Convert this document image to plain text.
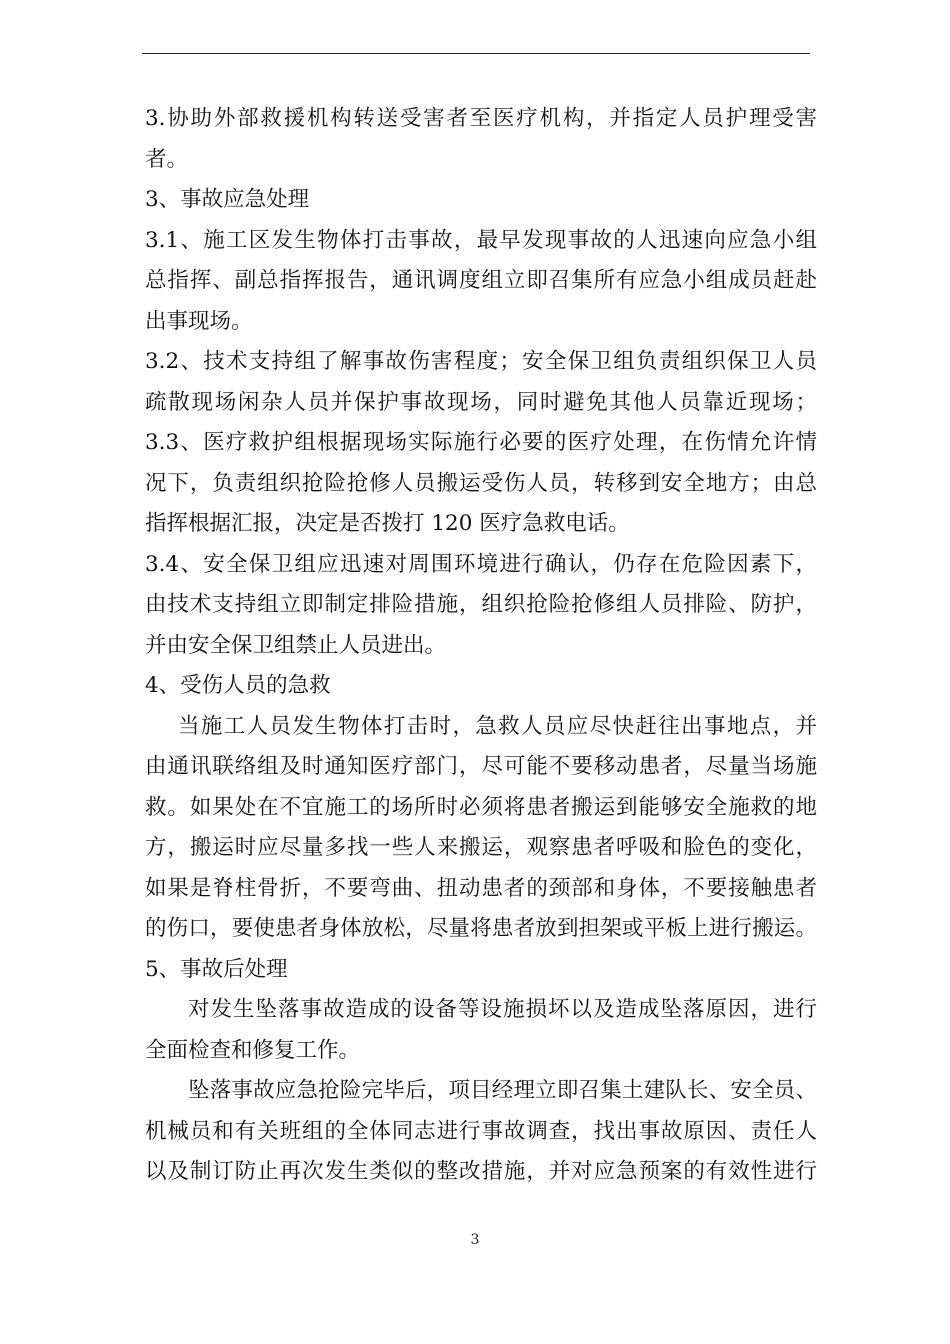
3.协助外部救援机构转送受害者至医疗机构，并指定人员护理受害
者。
3、事故应急处理
3.1、施工区发生物体打击事故，最早发现事故的人迅速向应急小组
总指挥、副总指挥报告，通讯调度组立即召集所有应急小组成员赶赴
出事现场。
3.2、技术支持组了解事故伤害程度；安全保卫组负责组织保卫人员
疏散现场闲杂人员并保护事故现场，同时避免其他人员靠近现场；
3.3、医疗救护组根据现场实际施行必要的医疗处理，在伤情允许情
况下，负责组织抢险抢修人员搬运受伤人员，转移到安全地方；由总
指挥根据汇报，决定是否拨打 120 医疗急救电话。
3.4、安全保卫组应迅速对周围环境进行确认，仍存在危险因素下，
由技术支持组立即制定排险措施，组织抢险抢修组人员排险、防护，
并由安全保卫组禁止人员进出。
4、受伤人员的急救
当施工人员发生物体打击时，急救人员应尽快赶往出事地点，并
由通讯联络组及时通知医疗部门，尽可能不要移动患者，尽量当场施
救。如果处在不宜施工的场所时必须将患者搬运到能够安全施救的地
方，搬运时应尽量多找一些人来搬运，观察患者呼吸和脸色的变化，
如果是脊柱骨折，不要弯曲、扭动患者的颈部和身体，不要接触患者
的伤口，要使患者身体放松，尽量将患者放到担架或平板上进行搬运。
5、事故后处理
对发生坠落事故造成的设备等设施损坏以及造成坠落原因，进行
全面检查和修复工作。
坠落事故应急抢险完毕后，项目经理立即召集土建队长、安全员、
机械员和有关班组的全体同志进行事故调查，找出事故原因、责任人
以及制订防止再次发生类似的整改措施，并对应急预案的有效性进行
3
